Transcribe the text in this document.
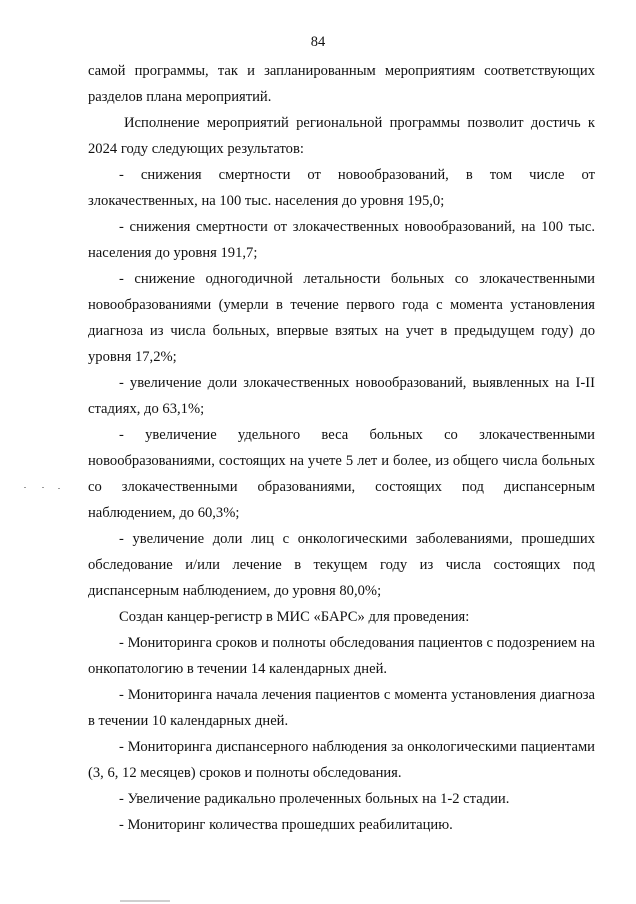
84

самой программы, так и запланированным мероприятиям соответствующих разделов плана мероприятий.

Исполнение мероприятий региональной программы позволит достичь к 2024 году следующих результатов:

- снижения смертности от новообразований, в том числе от злокачественных, на 100 тыс. населения до уровня 195,0;

- снижения смертности от злокачественных новообразований, на 100 тыс. населения до уровня 191,7;

- снижение одногодичной летальности больных со злокачественными новообразованиями (умерли в течение первого года с момента установления диагноза из числа больных, впервые взятых на учет в предыдущем году) до уровня 17,2%;

- увеличение доли злокачественных новообразований, выявленных на I-II стадиях, до 63,1%;

- увеличение удельного веса больных со злокачественными новообразованиями, состоящих на учете 5 лет и более, из общего числа больных со злокачественными образованиями, состоящих под диспансерным наблюдением, до 60,3%;

- увеличение доли лиц с онкологическими заболеваниями, прошедших обследование и/или лечение в текущем году из числа состоящих под диспансерным наблюдением, до уровня 80,0%;

Создан канцер-регистр в МИС «БАРС» для проведения:

- Мониторинга сроков и полноты обследования пациентов с подозрением на онкопатологию в течении 14 календарных дней.

- Мониторинга начала лечения пациентов с момента установления диагноза в течении 10 календарных дней.

- Мониторинга диспансерного наблюдения за онкологическими пациентами (3, 6, 12 месяцев) сроков и полноты обследования.

- Увеличение радикально пролеченных больных на 1-2 стадии.

- Мониторинг количества прошедших реабилитацию.
